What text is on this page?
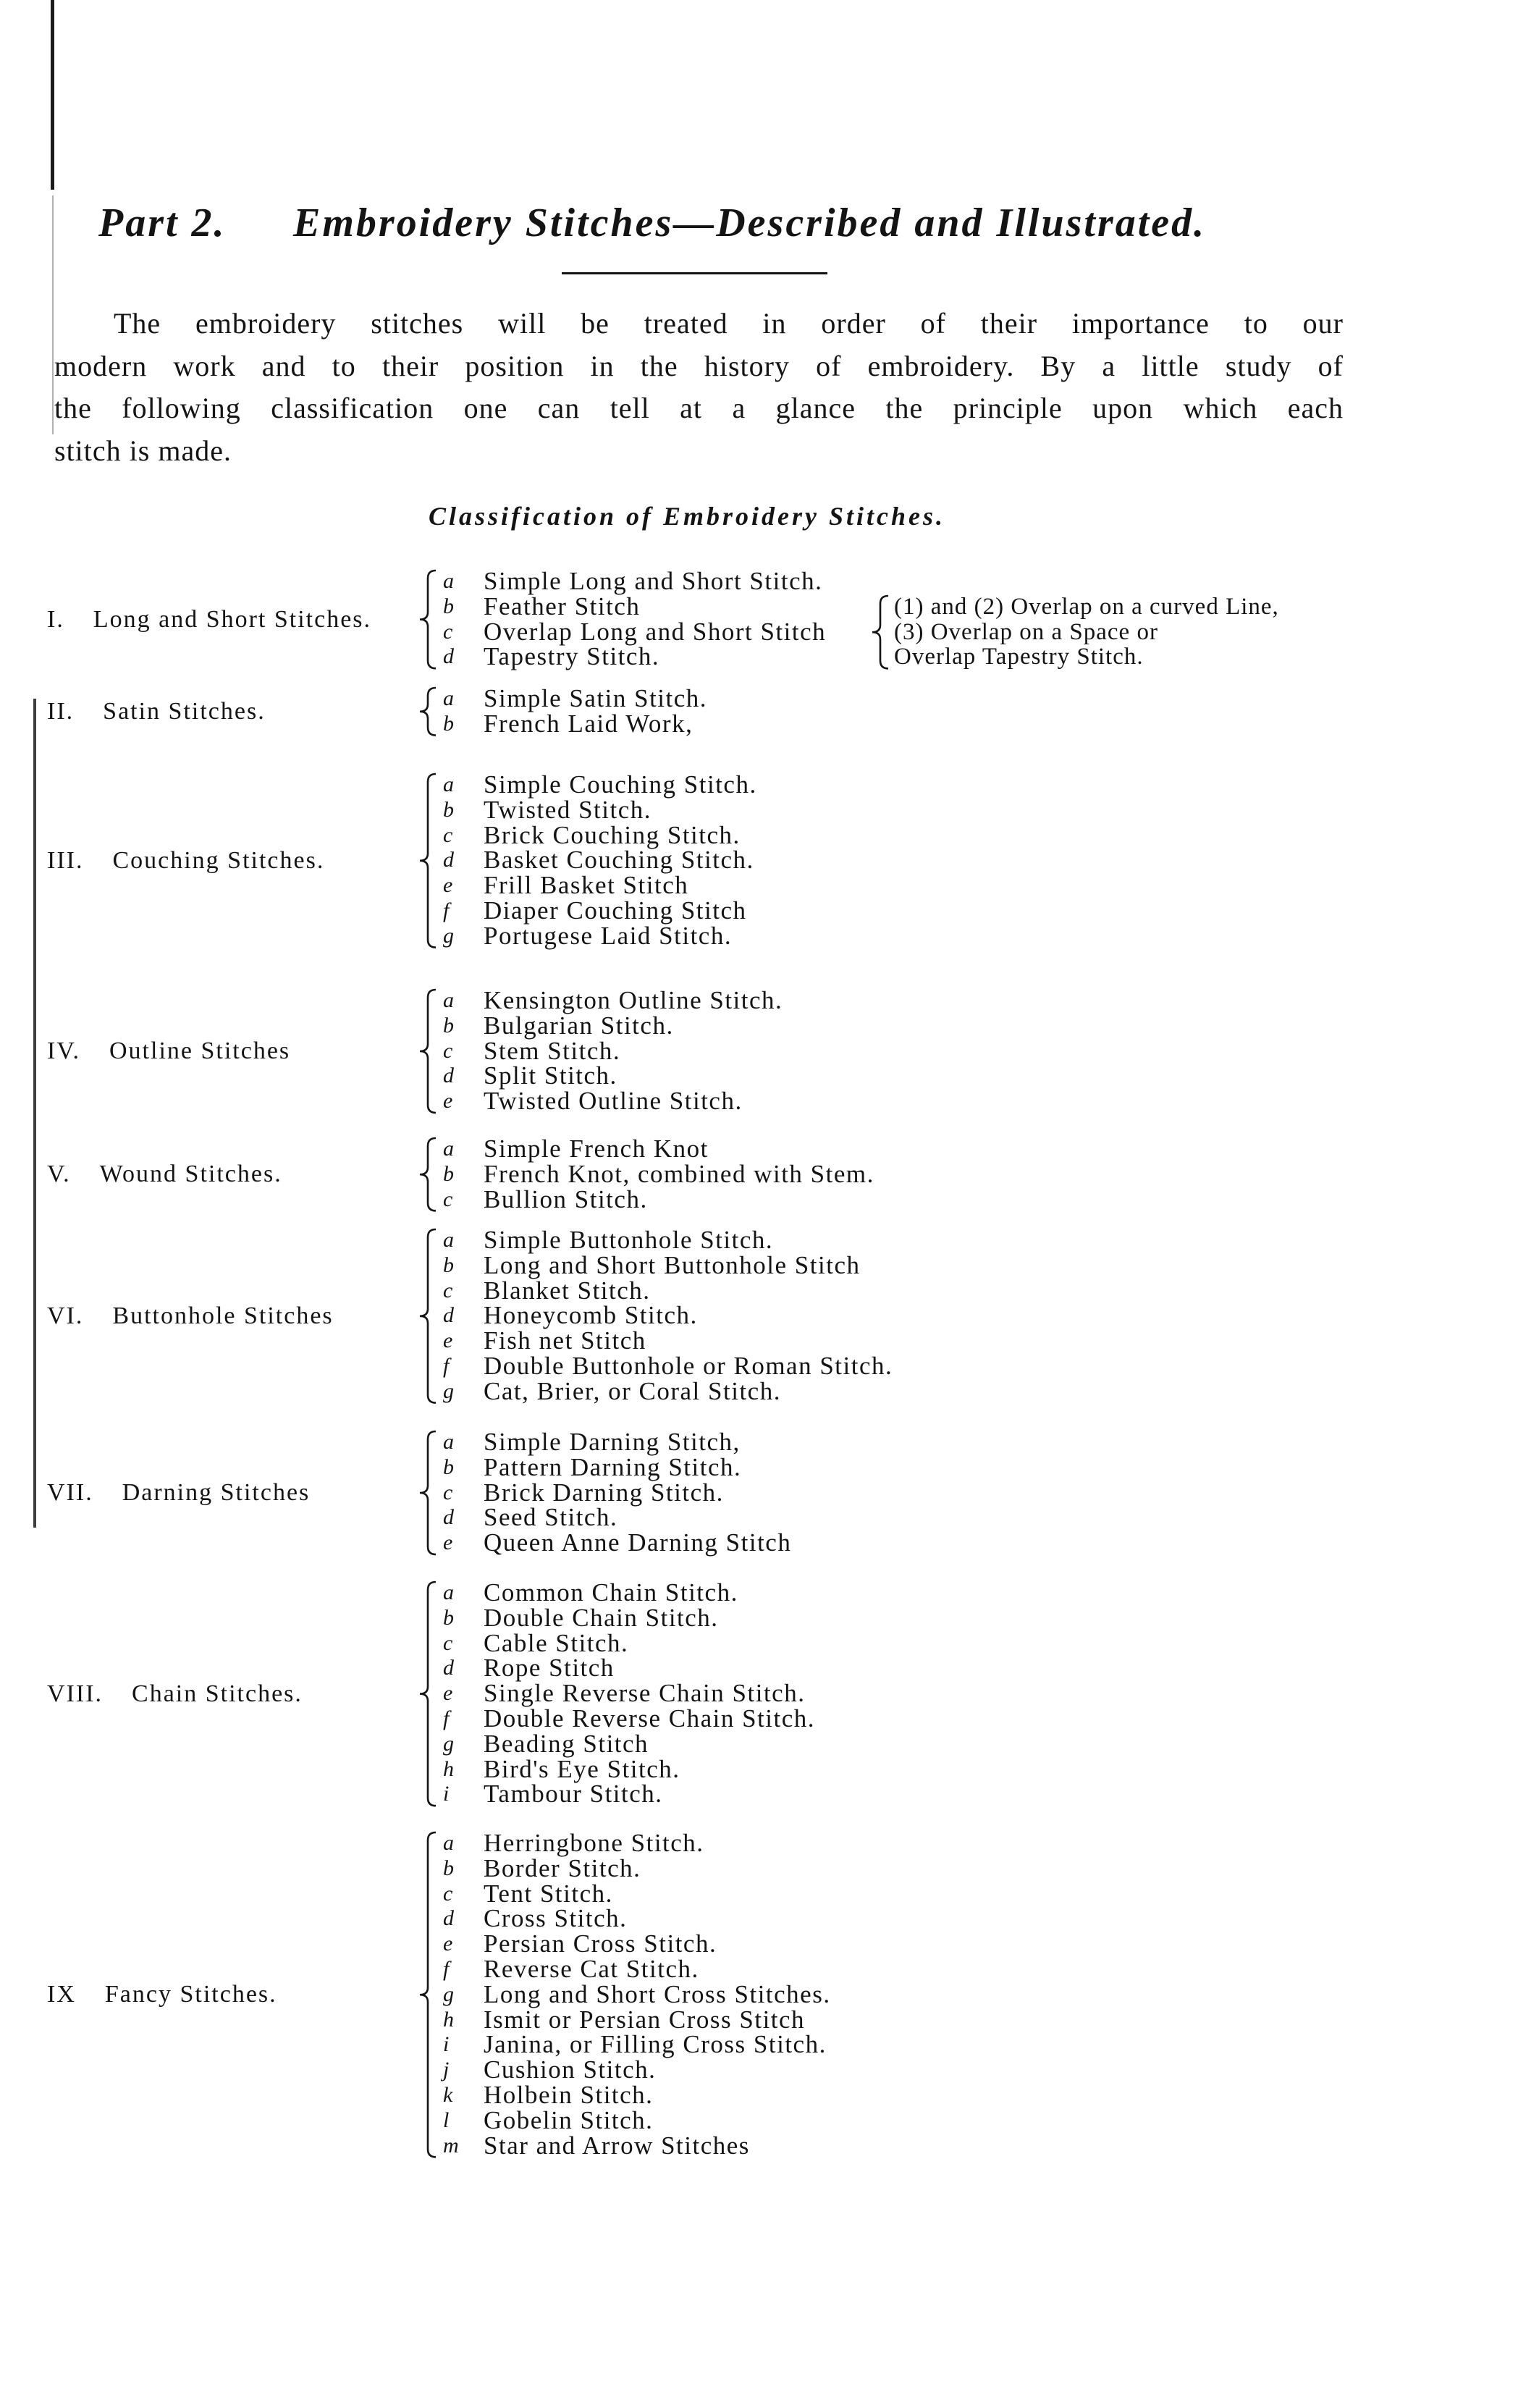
Part 2. Embroidery Stitches—Described and Illustrated.
The embroidery stitches will be treated in order of their importance to our
modern work and to their position in the history of embroidery. By a little study of
the following classification one can tell at a glance the principle upon which each
stitch is made.
Classification of Embroidery Stitches.
I. Long and Short Stitches.
a Simple Long and Short Stitch.
b Feather Stitch
c Overlap Long and Short Stitch
d Tapestry Stitch.
(1) and (2) Overlap on a curved Line,
(3) Overlap on a Space or
Overlap Tapestry Stitch.
II. Satin Stitches.	a Simple Satin Stitch.
b French Laid Work,
III. Couching Stitches.
a Simple Couching Stitch.
b Twisted Stitch.
c Brick Couching Stitch.
d Basket Couching Stitch.
e Frill Basket Stitch
f Diaper Couching Stitch
g Portugese Laid Stitch.
IV. Outline Stitches
a Kensington Outline Stitch.
b Bulgarian Stitch.
c Stem Stitch.
d Split Stitch.
e Twisted Outline Stitch.
V. Wound Stitches.
a Simple French Knot
b French Knot, combined with Stem.
c Bullion Stitch.
VI. Buttonhole Stitches
a Simple Buttonhole Stitch.
b Long and Short Buttonhole Stitch
c Blanket Stitch.
d Honeycomb Stitch.
e Fish net Stitch
f Double Buttonhole or Roman Stitch.
g Cat, Brier, or Coral Stitch.
VII. Darning Stitches
a Simple Darning Stitch,
b Pattern Darning Stitch.
c Brick Darning Stitch.
d Seed Stitch.
e Queen Anne Darning Stitch
VIII. Chain Stitches.
a Common Chain Stitch.
b Double Chain Stitch.
c Cable Stitch.
d Rope Stitch
e Single Reverse Chain Stitch.
f Double Reverse Chain Stitch.
g Beading Stitch
h Bird's Eye Stitch.
i Tambour Stitch.
IX Fancy Stitches.
a Herringbone Stitch.
b Border Stitch.
c Tent Stitch.
d Cross Stitch.
e Persian Cross Stitch.
f Reverse Cat Stitch.
g Long and Short Cross Stitches.
h Ismit or Persian Cross Stitch
i Janina, or Filling Cross Stitch.
j Cushion Stitch.
k Holbein Stitch.
l Gobelin Stitch.
m Star and Arrow Stitches
